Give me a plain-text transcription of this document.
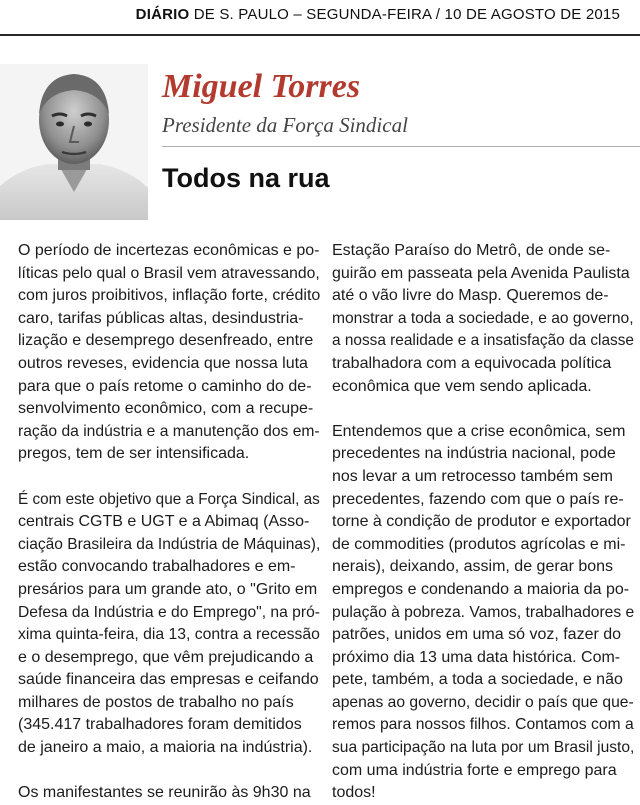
DIÁRIO DE S. PAULO – SEGUNDA-FEIRA / 10 DE AGOSTO DE 2015
Miguel Torres
Presidente da Força Sindical
Todos na rua

O período de incertezas econômicas e po-
líticas pelo qual o Brasil vem atravessando,
com juros proibitivos, inflação forte, crédito
caro, tarifas públicas altas, desindustria-
lização e desemprego desenfreado, entre
outros reveses, evidencia que nossa luta
para que o país retome o caminho do de-
senvolvimento econômico, com a recupe-
ração da indústria e a manutenção dos em-
pregos, tem de ser intensificada.

É com este objetivo que a Força Sindical, as
centrais CGTB e UGT e a Abimaq (Asso-
ciação Brasileira da Indústria de Máquinas),
estão convocando trabalhadores e em-
presários para um grande ato, o "Grito em
Defesa da Indústria e do Emprego", na pró-
xima quinta-feira, dia 13, contra a recessão
e o desemprego, que vêm prejudicando a
saúde financeira das empresas e ceifando
milhares de postos de trabalho no país
(345.417 trabalhadores foram demitidos
de janeiro a maio, a maioria na indústria).

Os manifestantes se reunirão às 9h30 na

Estação Paraíso do Metrô, de onde se-
guirão em passeata pela Avenida Paulista
até o vão livre do Masp. Queremos de-
monstrar a toda a sociedade, e ao governo,
a nossa realidade e a insatisfação da classe
trabalhadora com a equivocada política
econômica que vem sendo aplicada.

Entendemos que a crise econômica, sem
precedentes na indústria nacional, pode
nos levar a um retrocesso também sem
precedentes, fazendo com que o país re-
torne à condição de produtor e exportador
de commodities (produtos agrícolas e mi-
nerais), deixando, assim, de gerar bons
empregos e condenando a maioria da po-
pulação à pobreza. Vamos, trabalhadores e
patrões, unidos em uma só voz, fazer do
próximo dia 13 uma data histórica. Com-
pete, também, a toda a sociedade, e não
apenas ao governo, decidir o país que que-
remos para nossos filhos. Contamos com a
sua participação na luta por um Brasil justo,
com uma indústria forte e emprego para
todos!
